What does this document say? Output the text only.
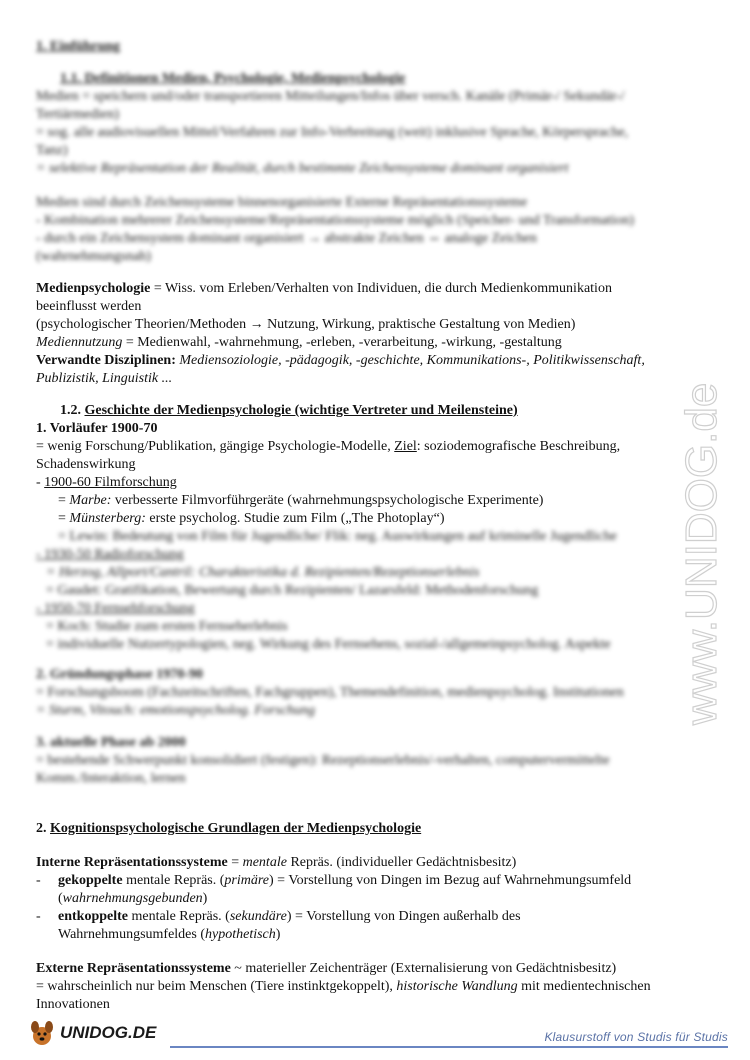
1. Einführung
1.1. Definitionen Medien, Psychologie, Medienpsychologie
Medien = speichern und/oder transportieren Mitteilungen/Infos über versch. Kanäle (Primär-/ Sekundär-/
Tertiärmedien)
= sog. alle audiovisuellen Mittel/Verfahren zur Info-Verbreitung (weit) inklusive Sprache, Körpersprache,
Tanz)
= selektive Repräsentation der Realität, durch bestimmte Zeichensysteme dominant organisiert
Medien sind durch Zeichensysteme binnenorganisierte Externe Repräsentationssysteme
- Kombination mehrerer Zeichensysteme/Repräsentationssysteme möglich (Speicher- und Transformation)
- durch ein Zeichensystem dominant organisiert → abstrakte Zeichen ⇔ analoge Zeichen
(wahrnehmungsnah)
Medienpsychologie = Wiss. vom Erleben/Verhalten von Individuen, die durch Medienkommunikation
beeinflusst werden
(psychologischer Theorien/Methoden → Nutzung, Wirkung, praktische Gestaltung von Medien)
Mediennutzung = Medienwahl, -wahrnehmung, -erleben, -verarbeitung, -wirkung, -gestaltung
Verwandte Disziplinen: Mediensoziologie, -pädagogik, -geschichte, Kommunikations-, Politikwissenschaft,
Publizistik, Linguistik ...
1.2. Geschichte der Medienpsychologie (wichtige Vertreter und Meilensteine)
1. Vorläufer 1900-70
= wenig Forschung/Publikation, gängige Psychologie-Modelle, Ziel: soziodemografische Beschreibung,
Schadenswirkung
- 1900-60 Filmforschung
= Marbe: verbesserte Filmvorführgeräte (wahrnehmungspsychologische Experimente)
= Münsterberg: erste psycholog. Studie zum Film („The Photoplay“)
= Lewin: Bedeutung von Film für Jugendliche/ Flik: neg. Auswirkungen auf kriminelle Jugendliche
- 1930-50 Radioforschung
= Herzog, Allport/Cantril: Charakteristika d. Rezipienten/Rezeptionserlebnis
= Gaudet: Gratifikation, Bewertung durch Rezipienten/ Lazarsfeld: Methodenforschung
- 1950-70 Fernsehforschung
= Koch: Studie zum ersten Fernseherlebnis
= individuelle Nutzertypologien, neg. Wirkung des Fernsehens, sozial-/allgemeinpsycholog. Aspekte
2. Gründungsphase 1970-90
= Forschungsboom (Fachzeitschriften, Fachgruppen), Themendefinition, medienpsycholog. Institutionen
= Sturm, Vitouch: emotionspsycholog. Forschung
3. aktuelle Phase ab 2000
= bestehende Schwerpunkt konsolidiert (festigen): Rezeptionserlebnis/-verhalten, computervermittelte
Komm./Interaktion, lernen
2. Kognitionspsychologische Grundlagen der Medienpsychologie
Interne Repräsentationssysteme = mentale Repräs. (individueller Gedächtnisbesitz)
- gekoppelte mentale Repräs. (primäre) = Vorstellung von Dingen im Bezug auf Wahrnehmungsumfeld
(wahrnehmungsgebunden)
- entkoppelte mentale Repräs. (sekundäre) = Vorstellung von Dingen außerhalb des
Wahrnehmungsumfeldes (hypothetisch)
Externe Repräsentationssysteme ~ materieller Zeichenträger (Externalisierung von Gedächtnisbesitz)
= wahrscheinlich nur beim Menschen (Tiere instinktgekoppelt), historische Wandlung mit medientechnischen
Innovationen
www.UNIDOG.de
UNIDOG.DE	Klausurstoff von Studis für Studis
